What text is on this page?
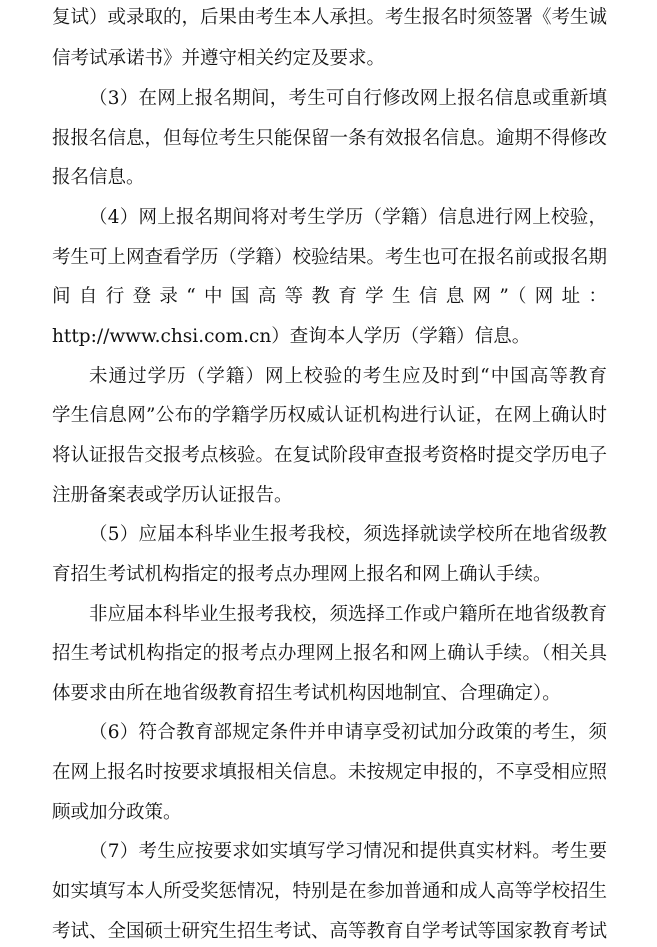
复试）或录取的，后果由考生本人承担。考生报名时须签署《考生诚
信考试承诺书》并遵守相关约定及要求。
（3）在网上报名期间，考生可自行修改网上报名信息或重新填
报报名信息，但每位考生只能保留一条有效报名信息。逾期不得修改
报名信息。
（4）网上报名期间将对考生学历（学籍）信息进行网上校验，
考生可上网查看学历（学籍）校验结果。考生也可在报名前或报名期
间自行登录“中国高等教育学生信息网”（网址：
http://www.chsi.com.cn）查询本人学历（学籍）信息。
未通过学历（学籍）网上校验的考生应及时到“中国高等教育
学生信息网”公布的学籍学历权威认证机构进行认证，在网上确认时
将认证报告交报考点核验。在复试阶段审查报考资格时提交学历电子
注册备案表或学历认证报告。
（5）应届本科毕业生报考我校，须选择就读学校所在地省级教
育招生考试机构指定的报考点办理网上报名和网上确认手续。
非应届本科毕业生报考我校，须选择工作或户籍所在地省级教育
招生考试机构指定的报考点办理网上报名和网上确认手续。（相关具
体要求由所在地省级教育招生考试机构因地制宜、合理确定）。
（6）符合教育部规定条件并申请享受初试加分政策的考生，须
在网上报名时按要求填报相关信息。未按规定申报的，不享受相应照
顾或加分政策。
（7）考生应按要求如实填写学习情况和提供真实材料。考生要
如实填写本人所受奖惩情况，特别是在参加普通和成人高等学校招生
考试、全国硕士研究生招生考试、高等教育自学考试等国家教育考试
